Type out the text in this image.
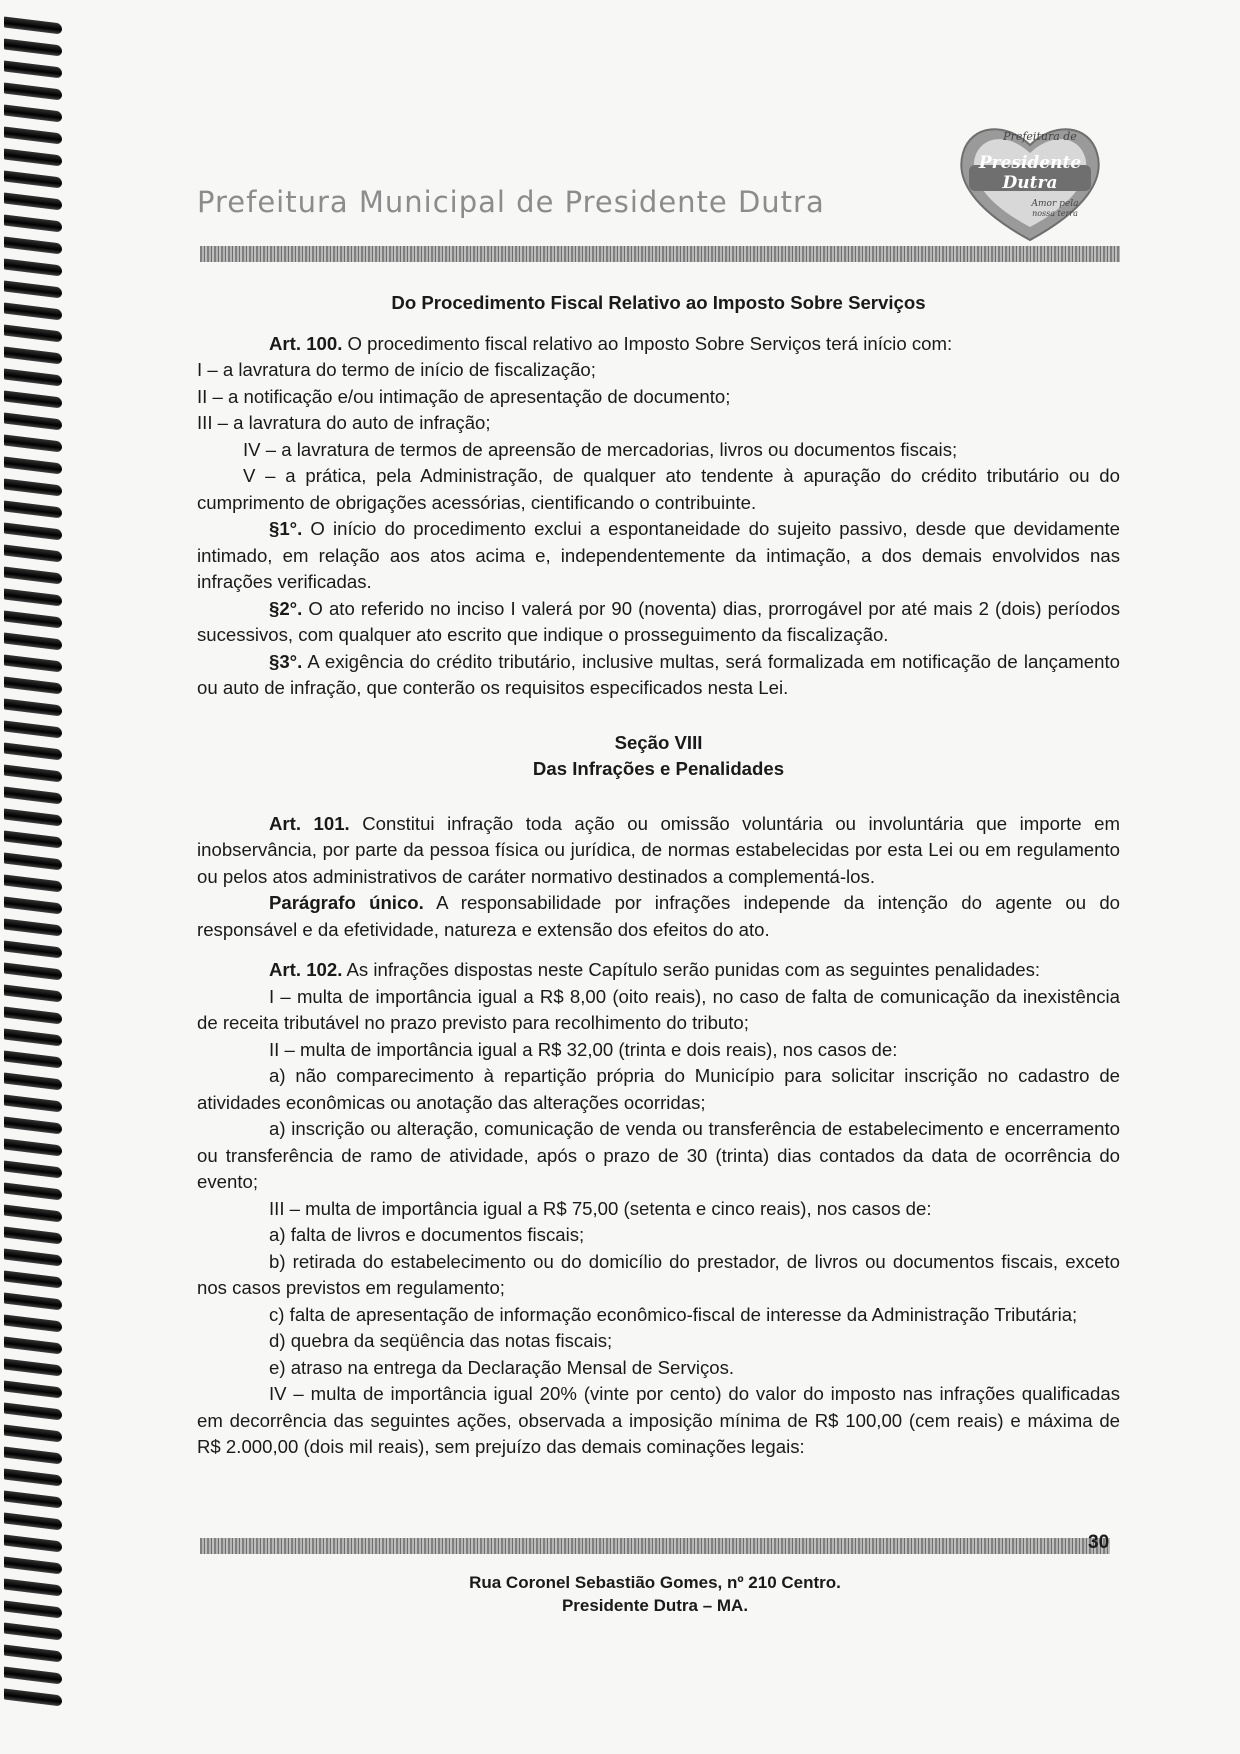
Prefeitura Municipal de Presidente Dutra
Prefeitura de
Presidente Dutra
Amor pela
nossa terra

Do Procedimento Fiscal Relativo ao Imposto Sobre Serviços

Art. 100. O procedimento fiscal relativo ao Imposto Sobre Serviços terá início com:

I – a lavratura do termo de início de fiscalização;

II – a notificação e/ou intimação de apresentação de documento;

III – a lavratura do auto de infração;

IV – a lavratura de termos de apreensão de mercadorias, livros ou documentos fiscais;

V – a prática, pela Administração, de qualquer ato tendente à apuração do crédito tributário ou do cumprimento de obrigações acessórias, cientificando o contribuinte.

§1°. O início do procedimento exclui a espontaneidade do sujeito passivo, desde que devidamente intimado, em relação aos atos acima e, independentemente da intimação, a dos demais envolvidos nas infrações verificadas.

§2°. O ato referido no inciso I valerá por 90 (noventa) dias, prorrogável por até mais 2 (dois) períodos sucessivos, com qualquer ato escrito que indique o prosseguimento da fiscalização.

§3°. A exigência do crédito tributário, inclusive multas, será formalizada em notificação de lançamento ou auto de infração, que conterão os requisitos especificados nesta Lei.

Seção VIII

Das Infrações e Penalidades

Art. 101. Constitui infração toda ação ou omissão voluntária ou involuntária que importe em inobservância, por parte da pessoa física ou jurídica, de normas estabelecidas por esta Lei ou em regulamento ou pelos atos administrativos de caráter normativo destinados a complementá-los.

Parágrafo único. A responsabilidade por infrações independe da intenção do agente ou do responsável e da efetividade, natureza e extensão dos efeitos do ato.

Art. 102. As infrações dispostas neste Capítulo serão punidas com as seguintes penalidades:

I – multa de importância igual a R$ 8,00 (oito reais), no caso de falta de comunicação da inexistência de receita tributável no prazo previsto para recolhimento do tributo;

II – multa de importância igual a R$ 32,00 (trinta e dois reais), nos casos de:

a) não comparecimento à repartição própria do Município para solicitar inscrição no cadastro de atividades econômicas ou anotação das alterações ocorridas;

a) inscrição ou alteração, comunicação de venda ou transferência de estabelecimento e encerramento ou transferência de ramo de atividade, após o prazo de 30 (trinta) dias contados da data de ocorrência do evento;

III – multa de importância igual a R$ 75,00 (setenta e cinco reais), nos casos de:

a) falta de livros e documentos fiscais;

b) retirada do estabelecimento ou do domicílio do prestador, de livros ou documentos fiscais, exceto nos casos previstos em regulamento;

c) falta de apresentação de informação econômico-fiscal de interesse da Administração Tributária;

d) quebra da seqüência das notas fiscais;

e) atraso na entrega da Declaração Mensal de Serviços.

IV – multa de importância igual 20% (vinte por cento) do valor do imposto nas infrações qualificadas em decorrência das seguintes ações, observada a imposição mínima de R$ 100,00 (cem reais) e máxima de R$ 2.000,00 (dois mil reais), sem prejuízo das demais cominações legais:

30
Rua Coronel Sebastião Gomes, nº 210 Centro.
Presidente Dutra – MA.
